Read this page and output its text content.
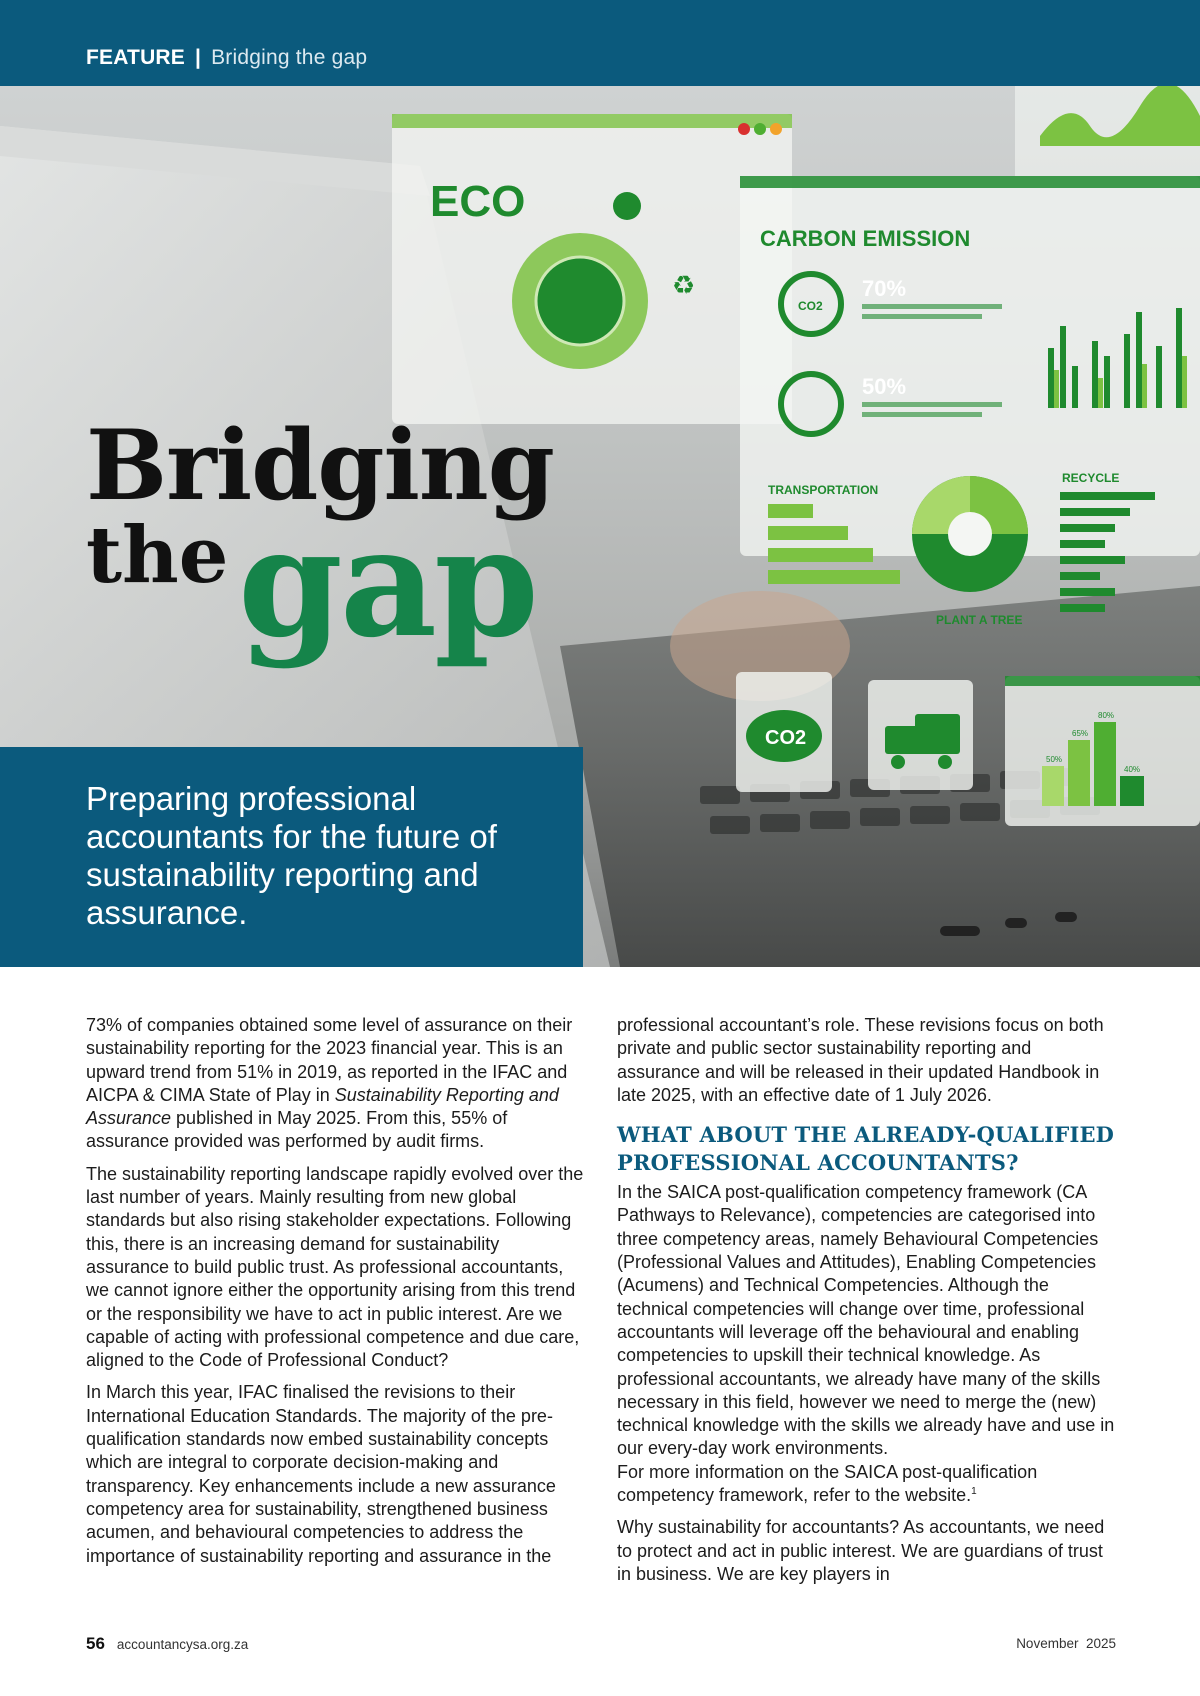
FEATURE | Bridging the gap
ECO
♻
CARBON EMISSION
CO2
70%
50%
TRANSPORTATION
PLANT A TREE
RECYCLE
CO2
80%
65%
50%
40%
Bridging
the gap
Preparing professional accountants for the future of sustainability reporting and assurance.

73% of companies obtained some level of assurance on their sustainability reporting for the 2023 financial year. This is an upward trend from 51% in 2019, as reported in the IFAC and AICPA & CIMA State of Play in Sustainability Reporting and Assurance published in May 2025. From this, 55% of assurance provided was performed by audit firms.

The sustainability reporting landscape rapidly evolved over the last number of years. Mainly resulting from new global standards but also rising stakeholder expectations. Following this, there is an increasing demand for sustainability assurance to build public trust. As professional accountants, we cannot ignore either the opportunity arising from this trend or the responsibility we have to act in public interest. Are we capable of acting with professional competence and due care, aligned to the Code of Professional Conduct?

In March this year, IFAC finalised the revisions to their International Education Standards. The majority of the pre-qualification standards now embed sustainability concepts which are integral to corporate decision-making and transparency. Key enhancements include a new assurance competency area for sustainability, strengthened business acumen, and behavioural competencies to address the importance of sustainability reporting and assurance in the

professional accountant’s role. These revisions focus on both private and public sector sustainability reporting and assurance and will be released in their updated Handbook in late 2025, with an effective date of 1 July 2026.

WHAT ABOUT THE ALREADY-QUALIFIED PROFESSIONAL ACCOUNTANTS?

In the SAICA post-qualification competency framework (CA Pathways to Relevance), competencies are categorised into three competency areas, namely Behavioural Competencies (Professional Values and Attitudes), Enabling Competencies (Acumens) and Technical Competencies. Although the technical competencies will change over time, professional accountants will leverage off the behavioural and enabling competencies to upskill their technical knowledge. As professional accountants, we already have many of the skills necessary in this field, however we need to merge the (new) technical knowledge with the skills we already have and use in our every-day work environments.

For more information on the SAICA post-qualification competency framework, refer to the website.$^1$

Why sustainability for accountants? As accountants, we need to protect and act in public interest. We are guardians of trust in business. We are key players in

56 accountancysa.org.za	November  2025
